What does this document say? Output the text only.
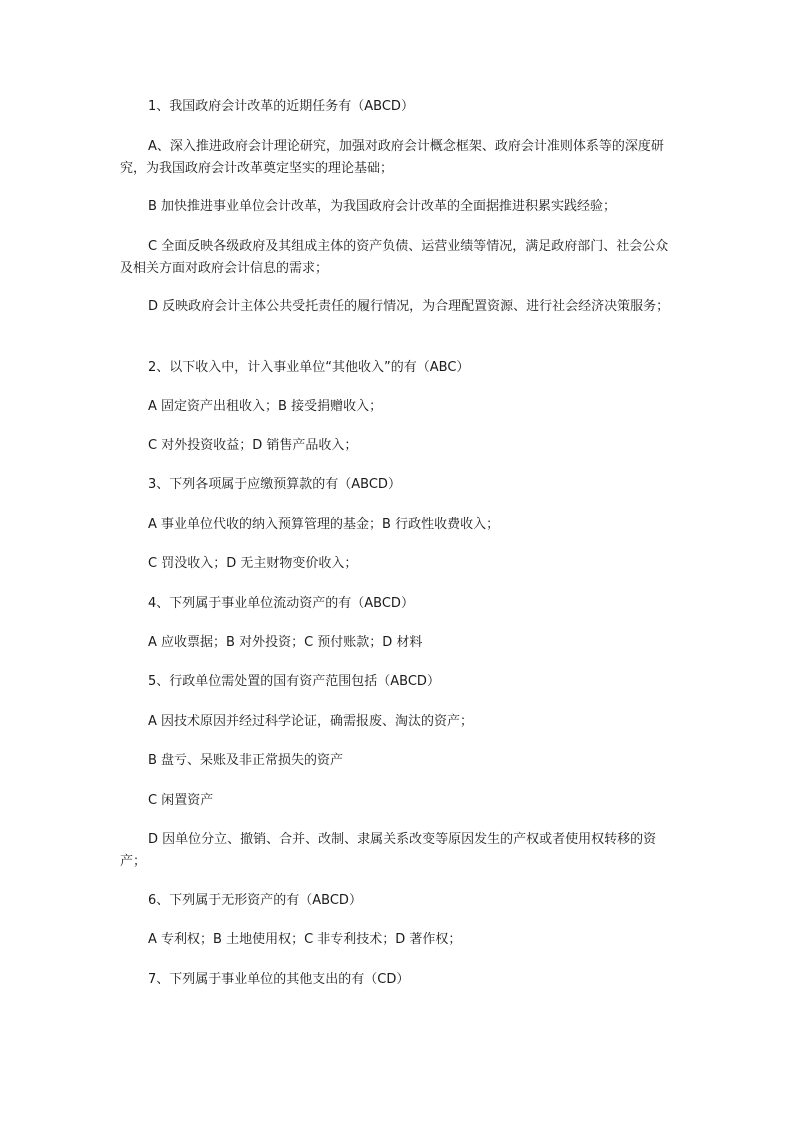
1、我国政府会计改革的近期任务有（ABCD）

A、深入推进政府会计理论研究，加强对政府会计概念框架、政府会计准则体系等的深度研究，为我国政府会计改革奠定坚实的理论基础；

B 加快推进事业单位会计改革，为我国政府会计改革的全面据推进积累实践经验；

C 全面反映各级政府及其组成主体的资产负债、运营业绩等情况，满足政府部门、社会公众及相关方面对政府会计信息的需求；

D 反映政府会计主体公共受托责任的履行情况，为合理配置资源、进行社会经济决策服务；

2、以下收入中，计入事业单位“其他收入”的有（ABC）

A 固定资产出租收入；B 接受捐赠收入；

C 对外投资收益；D 销售产品收入；

3、下列各项属于应缴预算款的有（ABCD）

A 事业单位代收的纳入预算管理的基金；B 行政性收费收入；

C 罚没收入；D 无主财物变价收入；

4、下列属于事业单位流动资产的有（ABCD）

A 应收票据；B 对外投资；C 预付账款；D 材料

5、行政单位需处置的国有资产范围包括（ABCD）

A 因技术原因并经过科学论证，确需报废、淘汰的资产；

B 盘亏、呆账及非正常损失的资产

C 闲置资产

D 因单位分立、撤销、合并、改制、隶属关系改变等原因发生的产权或者使用权转移的资产；

6、下列属于无形资产的有（ABCD）

A 专利权；B 土地使用权；C 非专利技术；D 著作权；

7、下列属于事业单位的其他支出的有（CD）
